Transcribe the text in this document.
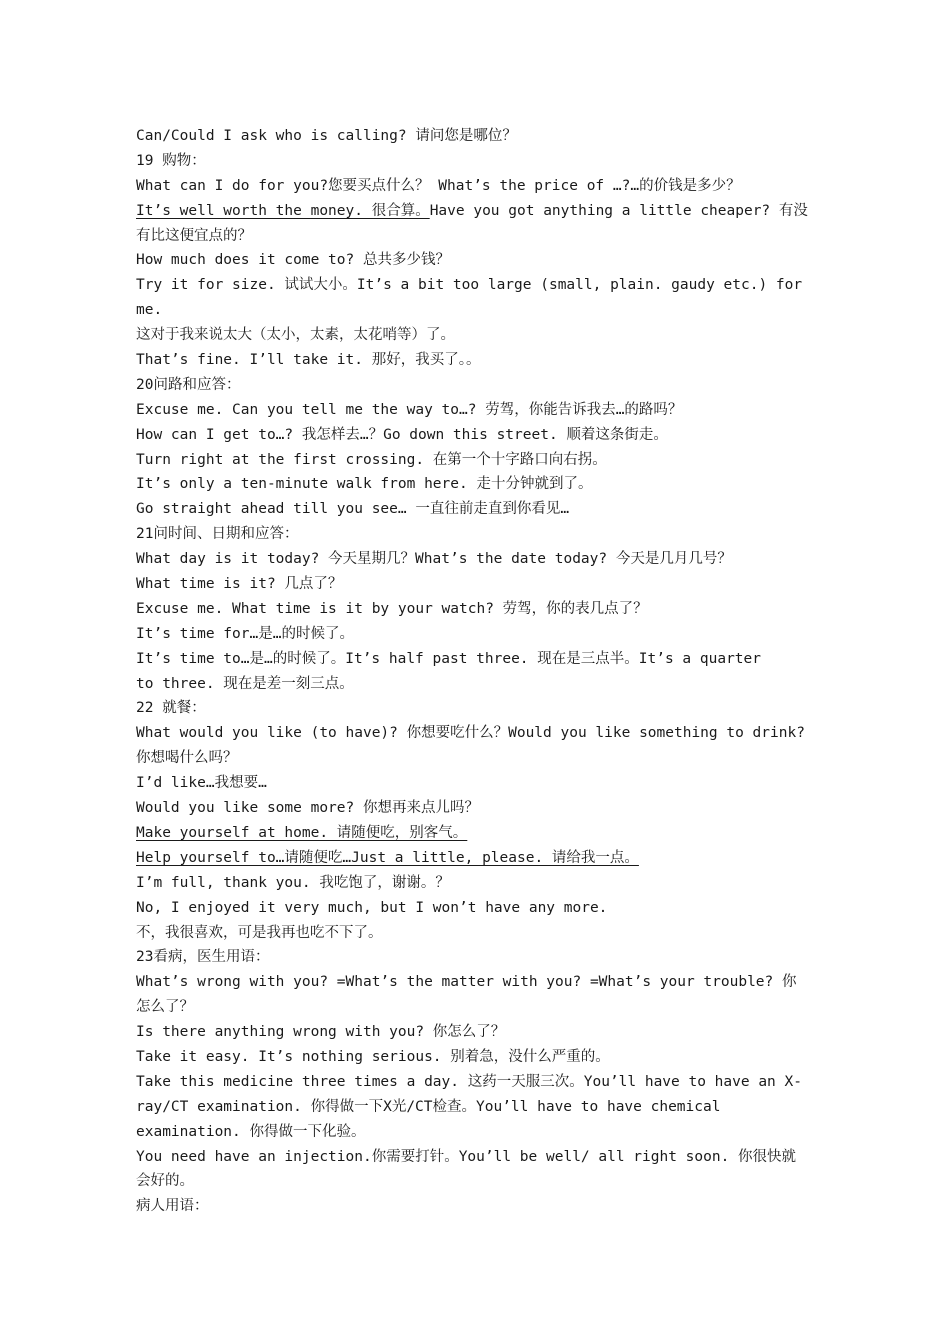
Can/Could I ask who is calling? 请问您是哪位？
19 购物：
What can I do for you?您要买点什么？ What’s the price of …?…的价钱是多少？
It’s well worth the money. 很合算。Have you got anything a little cheaper? 有没
有比这便宜点的？
How much does it come to? 总共多少钱？
Try it for size. 试试大小。It’s a bit too large (small, plain. gaudy etc.) for
me.
这对于我来说太大（太小，太素，太花哨等）了。
That’s fine. I’ll take it. 那好，我买了。。
20问路和应答：
Excuse me. Can you tell me the way to…? 劳驾，你能告诉我去…的路吗？
How can I get to…? 我怎样去…？Go down this street. 顺着这条街走。
Turn right at the first crossing. 在第一个十字路口向右拐。
It’s only a ten-minute walk from here. 走十分钟就到了。
Go straight ahead till you see… 一直往前走直到你看见…
21问时间、日期和应答：
What day is it today? 今天星期几？What’s the date today? 今天是几月几号？
What time is it? 几点了？
Excuse me. What time is it by your watch? 劳驾，你的表几点了？
It’s time for…是…的时候了。
It’s time to…是…的时候了。It’s half past three. 现在是三点半。It’s a quarter
to three. 现在是差一刻三点。
22 就餐：
What would you like (to have)? 你想要吃什么？Would you like something to drink?
你想喝什么吗？
I’d like…我想要…
Would you like some more? 你想再来点儿吗？
Make yourself at home. 请随便吃，别客气。
Help yourself to…请随便吃…Just a little, please. 请给我一点。
I’m full, thank you. 我吃饱了，谢谢。？
No, I enjoyed it very much, but I won’t have any more.
不，我很喜欢，可是我再也吃不下了。
23看病，医生用语：
What’s wrong with you? =What’s the matter with you? =What’s your trouble? 你
怎么了？
Is there anything wrong with you? 你怎么了？
Take it easy. It’s nothing serious. 别着急，没什么严重的。
Take this medicine three times a day. 这药一天服三次。You’ll have to have an X-
ray/CT examination. 你得做一下X光/CT检查。You’ll have to have chemical
examination. 你得做一下化验。
You need have an injection.你需要打针。You’ll be well/ all right soon. 你很快就
会好的。
病人用语：
